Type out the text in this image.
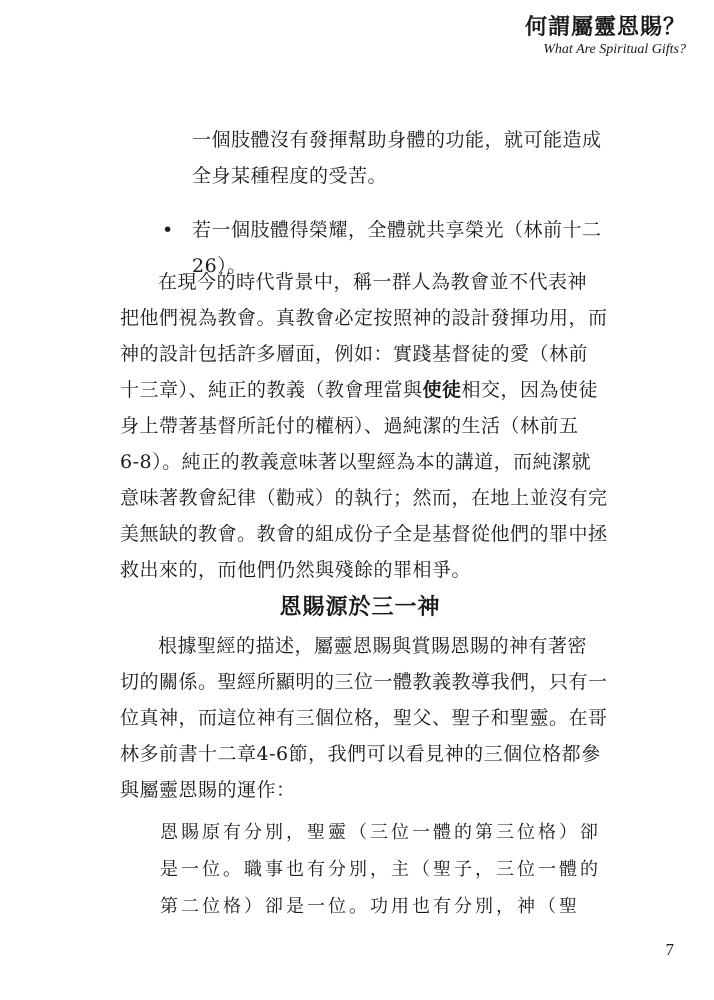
何謂屬靈恩賜？
What Are Spiritual Gifts?
一個肢體沒有發揮幫助身體的功能，就可能造成
全身某種程度的受苦。
• 若一個肢體得榮耀，全體就共享榮光（林前十二
26）。
在現今的時代背景中，稱一群人為教會並不代表神
把他們視為教會。真教會必定按照神的設計發揮功用，而
神的設計包括許多層面，例如：實踐基督徒的愛（林前
十三章）、純正的教義（教會理當與使徒相交，因為使徒
身上帶著基督所託付的權柄）、過純潔的生活（林前五
6-8）。純正的教義意味著以聖經為本的講道，而純潔就
意味著教會紀律（勸戒）的執行；然而，在地上並沒有完
美無缺的教會。教會的組成份子全是基督從他們的罪中拯
救出來的，而他們仍然與殘餘的罪相爭。
恩賜源於三一神
根據聖經的描述，屬靈恩賜與賞賜恩賜的神有著密
切的關係。聖經所顯明的三位一體教義教導我們，只有一
位真神，而這位神有三個位格，聖父、聖子和聖靈。在哥
林多前書十二章4-6節，我們可以看見神的三個位格都參
與屬靈恩賜的運作：
恩賜原有分別，聖靈（三位一體的第三位格）卻
是一位。職事也有分別，主（聖子，三位一體的
第二位格）卻是一位。功用也有分別，神（聖
7
